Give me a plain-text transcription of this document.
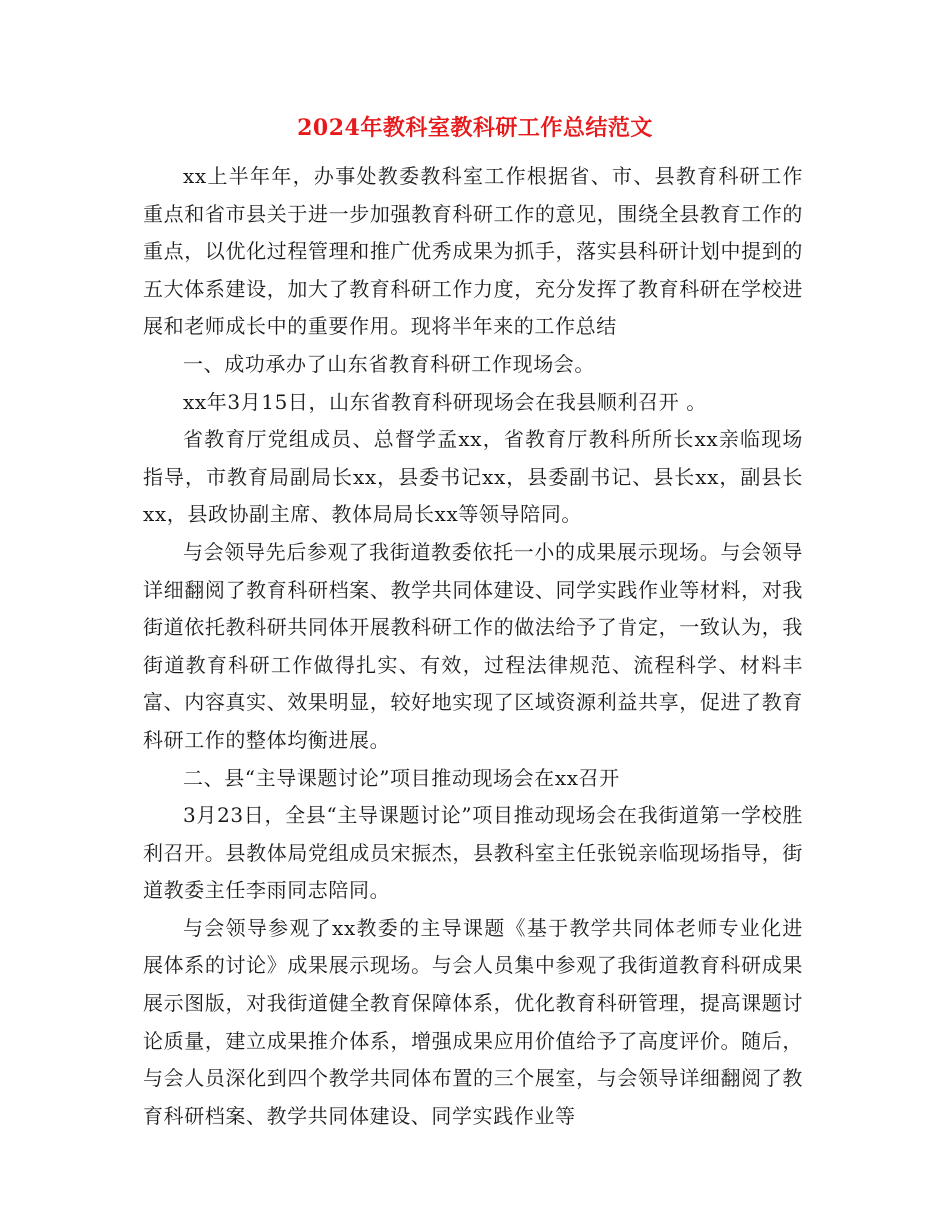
2024年教科室教科研工作总结范文

xx上半年年，办事处教委教科室工作根据省、市、县教育科研工作重点和省市县关于进一步加强教育科研工作的意见，围绕全县教育工作的重点，以优化过程管理和推广优秀成果为抓手，落实县科研计划中提到的五大体系建设，加大了教育科研工作力度，充分发挥了教育科研在学校进展和老师成长中的重要作用。现将半年来的工作总结

一、成功承办了山东省教育科研工作现场会。

xx年3月15日，山东省教育科研现场会在我县顺利召开 。

省教育厅党组成员、总督学孟xx，省教育厅教科所所长xx亲临现场指导，市教育局副局长xx，县委书记xx，县委副书记、县长xx，副县长xx，县政协副主席、教体局局长xx等领导陪同。

与会领导先后参观了我街道教委依托一小的成果展示现场。与会领导详细翻阅了教育科研档案、教学共同体建设、同学实践作业等材料，对我街道依托教科研共同体开展教科研工作的做法给予了肯定，一致认为，我街道教育科研工作做得扎实、有效，过程法律规范、流程科学、材料丰富、内容真实、效果明显，较好地实现了区域资源利益共享，促进了教育科研工作的整体均衡进展。

二、县“主导课题讨论”项目推动现场会在xx召开

3月23日，全县“主导课题讨论”项目推动现场会在我街道第一学校胜利召开。县教体局党组成员宋振杰，县教科室主任张锐亲临现场指导，街道教委主任李雨同志陪同。

与会领导参观了xx教委的主导课题《基于教学共同体老师专业化进展体系的讨论》成果展示现场。与会人员集中参观了我街道教育科研成果展示图版，对我街道健全教育保障体系，优化教育科研管理，提高课题讨论质量，建立成果推介体系，增强成果应用价值给予了高度评价。随后，与会人员深化到四个教学共同体布置的三个展室，与会领导详细翻阅了教育科研档案、教学共同体建设、同学实践作业等
